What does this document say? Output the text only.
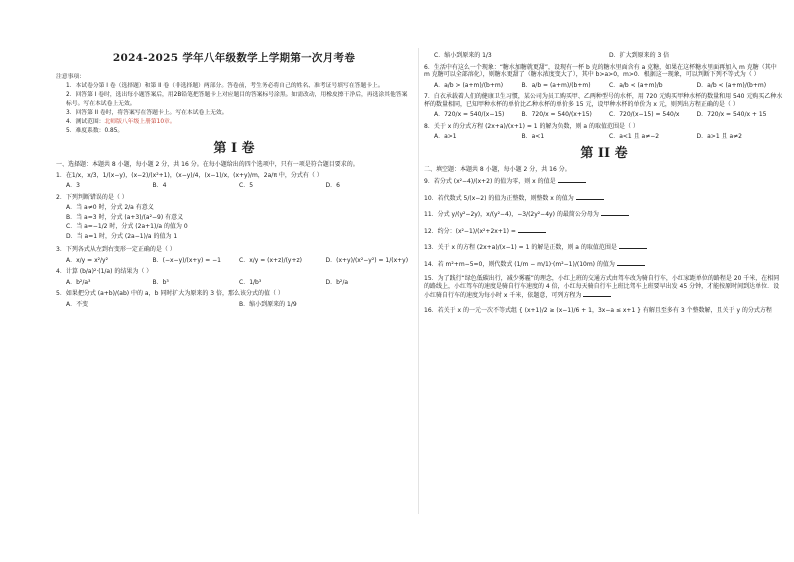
2024-2025 学年八年级数学上学期第一次月考卷
注意事项：
1．本试卷分第 I 卷（选择题）和第 II 卷（非选择题）两部分。答卷前，考生务必将自己的姓名、准考证号填写在答题卡上。
2．回答第 I 卷时，选出每小题答案后，用2B铅笔把答题卡上对应题目的答案标号涂黑。如需改动，用橡皮擦干净后，再选涂其他答案标号。写在本试卷上无效。
3．回答第 II 卷时，将答案写在答题卡上。写在本试卷上无效。
4．测试范围：北师版八年级上册第10章。
5．难度系数：0.85。
第 I 卷
一、选择题：本题共 8 小题，每小题 2 分，共 16 分。在每小题给出的四个选项中，只有一项是符合题目要求的。
1．在1/x，x/3，1/(x−y)，(x−2)/(x²+1)，(x−y)/4，(x−1)/x，(x+y)/m，2a/π 中，分式有（ ）
A．3	B．4	C．5	D．6
2．下列判断错误的是（ ）
A．当 a≠0 时，分式 2/a 有意义
B．当 a=3 时，分式 (a+3)/(a²−9) 有意义
C．当 a=−1/2 时，分式 (2a+1)/a 的值为 0
D．当 a=1 时，分式 (2a−1)/a 的值为 1
3．下列各式从左到右变形一定正确的是（ ）
A．x/y = x²/y²	B．(−x−y)/(x+y) = −1	C．x/y = (x+z)/(y+z)	D．(x+y)/(x²−y²) = 1/(x+y)
4．计算 (b/a)²·(1/a) 的结果为（ ）
A．b²/a³	B．b³	C．1/b³	D．b²/a
5．如果把分式 (a+b)/(ab) 中的 a，b 同时扩大为原来的 3 倍，那么该分式的值（ ）
A．不变	B．缩小到原来的 1/9
C．缩小到原来的 1/3	D．扩大到原来的 3 倍
6．生活中有这么一个现象：“糖水加糖就更甜”，设现有一杯 b 克的糖水里面含有 a 克糖，如果在这杯糖水里面再加入 m 克糖（其中 m 克糖可以全部溶化），则糖水更甜了（糖水浓度变大了），其中 b>a>0，m>0．根据这一现象，可以判断下列不等式为（ ）
A．a/b > (a+m)/(b+m)	B．a/b = (a+m)/(b+m)	C．a/b < (a+m)/b	D．a/b < (a+m)/(b+m)
7．白衣承载着人们的健康卫生习惯，某公司为员工购买甲、乙两种型号的水杯，用 720 元购买甲种水杯的数量和用 540 元购买乙种水杯的数量相同，已知甲种水杯的单价比乙种水杯的单价多 15 元，设甲种水杯的单价为 x 元，则列出方程正确的是（ ）
A．720/x = 540/(x−15)	B．720/x = 540/(x+15)	C．720/(x−15) = 540/x	D．720/x = 540/x + 15
8．关于 x 的分式方程 (2x+a)/(x+1) = 1 的解为负数，则 a 的取值范围是（ ）
A．a>1	B．a<1	C．a<1 且 a≠−2	D．a>1 且 a≠2
第 II 卷
二、填空题：本题共 8 小题，每小题 2 分，共 16 分。
9．若分式 (x²−4)/(x+2) 的值为零，则 x 的值是
10．若代数式 5/(x−2) 的值为正整数，则整数 x 的值为
11．分式 y/(y²−2y)，x/(y²−4)，−3/(2y²−4y) 的最简公分母为
12．约分：(x²−1)/(x²+2x+1) =
13．关于 x 的方程 (2x+a)/(x−1) = 1 的解是正数，则 a 的取值范围是
14．若 m²+m−5=0，则代数式 (1/m − m/1)·(m²−1)/(10m) 的值为
15．为了践行“绿色低碳出行，减少雾霾”的理念，小红上班的交通方式由驾车改为骑自行车，小红家距单位的路程是 20 千米，在相同的路线上，小红驾车的速度是骑自行车速度的 4 倍，小红每天骑自行车上班比驾车上班要早出发 45 分钟，才能按原时间到达单位．设小红骑自行车的速度为每小时 x 千米，依题意，可列方程为
16．若关于 x 的一元一次不等式组 { (x+1)/2 ≥ (x−1)/6 + 1，3x−a ≤ x+1 } 有解且至多有 3 个整数解，且关于 y 的分式方程
